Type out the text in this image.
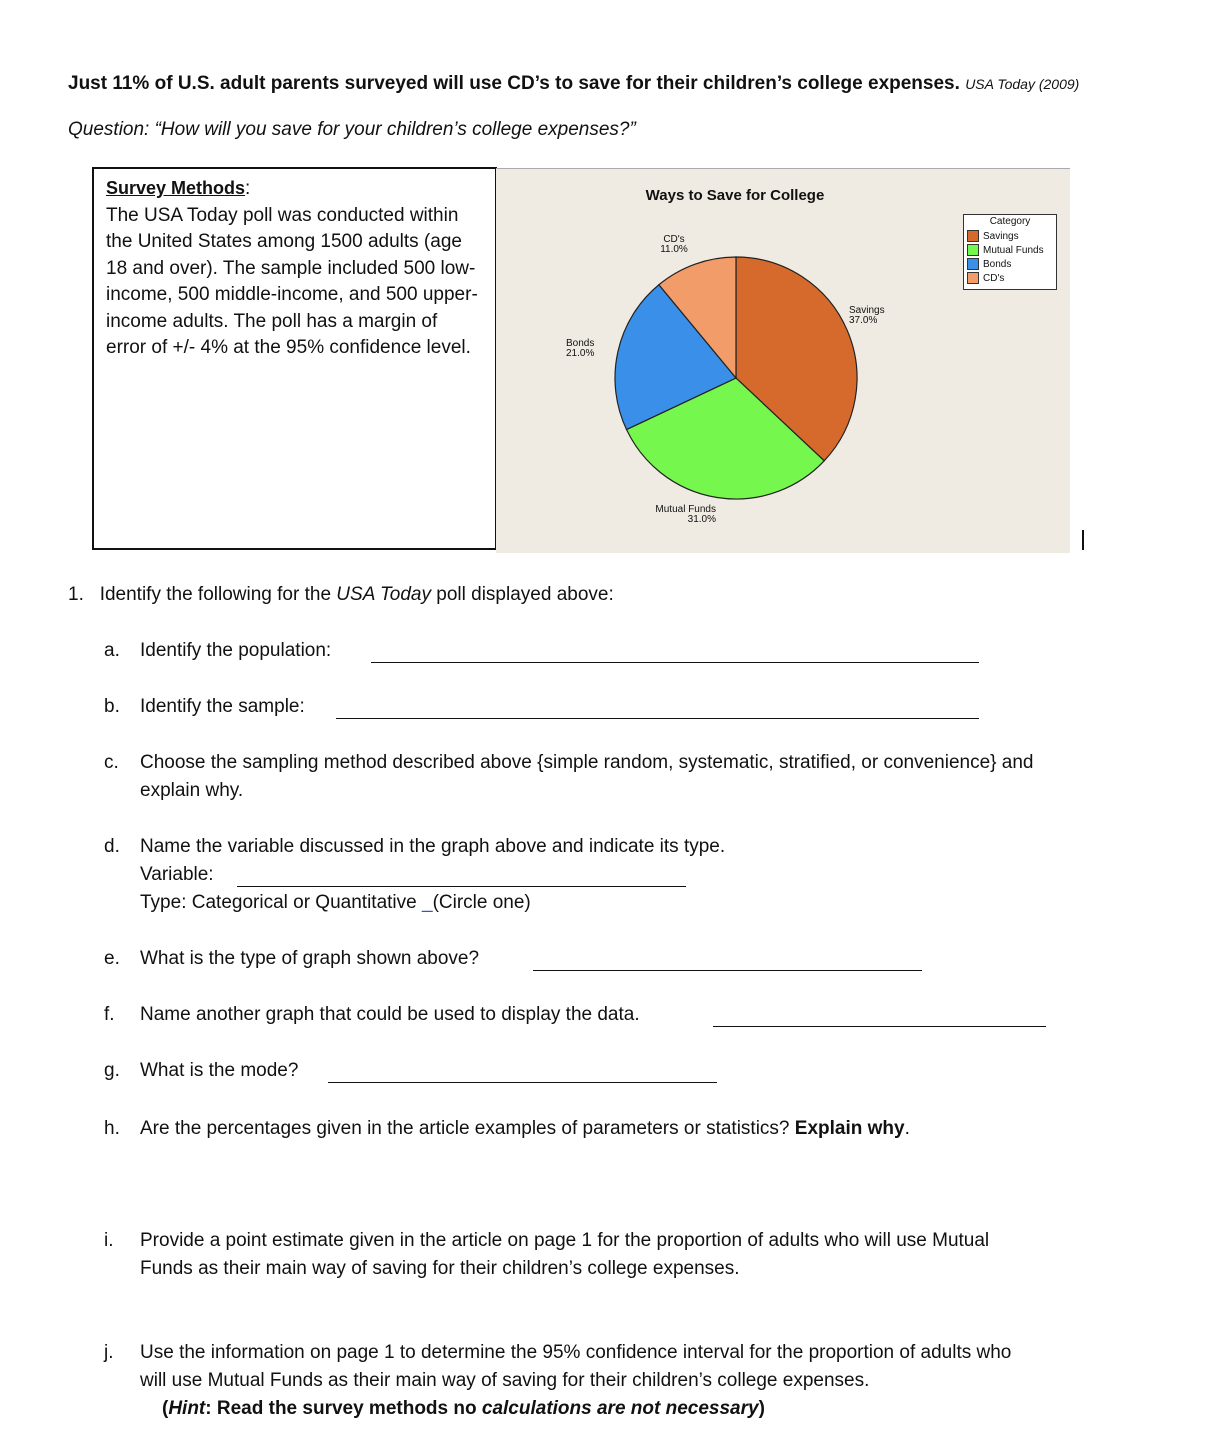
Just 11% of U.S. adult parents surveyed will use CD’s to save for their children’s college expenses. USA Today (2009)
Question: “How will you save for your children’s college expenses?”
Survey Methods:
The USA Today poll was conducted within the United States among 1500 adults (age 18 and over). The sample included 500 low-income, 500 middle-income, and 500 upper-income adults. The poll has a margin of error of +/- 4% at the 95% confidence level.
Ways to Save for College
Savings
37.0%
Mutual Funds
31.0%
Bonds
21.0%
CD's
11.0%
Category
Savings
Mutual Funds
Bonds
CD's
1. Identify the following for the USA Today poll displayed above:
a. Identify the population:
b. Identify the sample:
c. Choose the sampling method described above {simple random, systematic, stratified, or convenience} and
explain why.
d. Name the variable discussed in the graph above and indicate its type.
Variable:
Type: Categorical or Quantitative _(Circle one)
e. What is the type of graph shown above?
f. Name another graph that could be used to display the data.
g. What is the mode?
h. Are the percentages given in the article examples of parameters or statistics? Explain why.
i. Provide a point estimate given in the article on page 1 for the proportion of adults who will use Mutual
Funds as their main way of saving for their children’s college expenses.
j. Use the information on page 1 to determine the 95% confidence interval for the proportion of adults who
will use Mutual Funds as their main way of saving for their children’s college expenses.
(Hint: Read the survey methods no calculations are not necessary)
